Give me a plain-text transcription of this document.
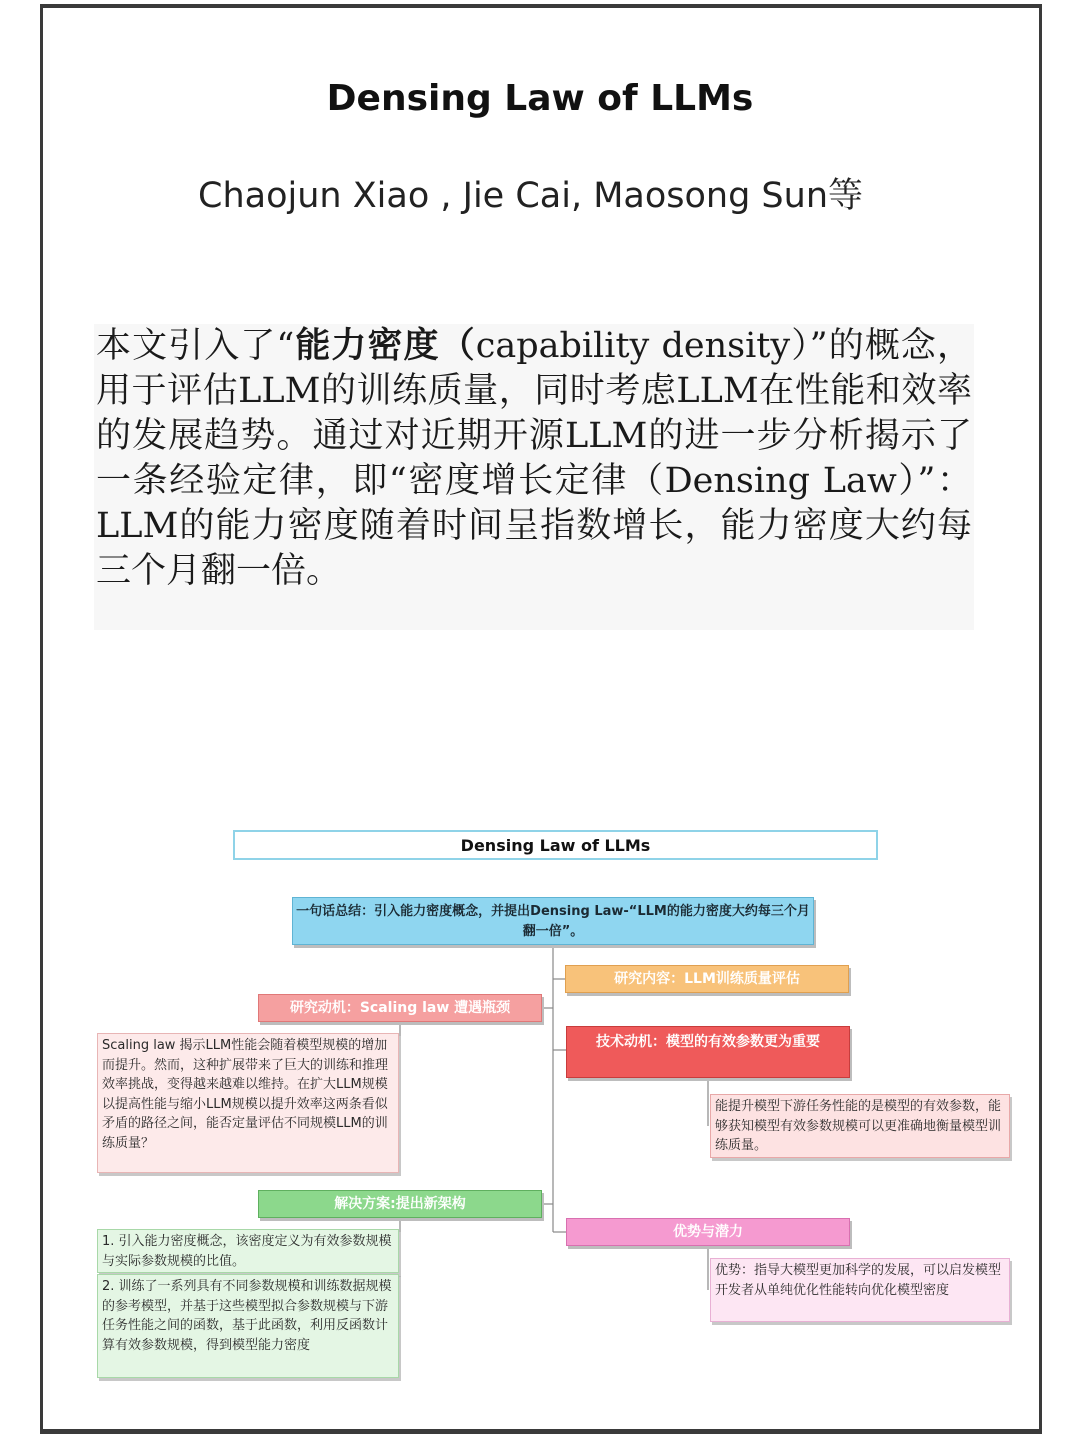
Densing Law of LLMs
Chaojun Xiao , Jie Cai, Maosong Sun等
本文引入了“能力密度（capability density）”的概念，用于评估LLM的训练质量，同时考虑LLM在性能和效率的发展趋势。通过对近期开源LLM的进一步分析揭示了一条经验定律，即“密度增长定律（Densing Law）”：LLM的能力密度随着时间呈指数增长，能力密度大约每三个月翻一倍。
Densing Law of LLMs
一句话总结：引入能力密度概念，并提出Densing Law-“LLM的能力密度大约每三个月翻一倍”。
研究内容：LLM训练质量评估
研究动机：Scaling law 遭遇瓶颈
技术动机：模型的有效参数更为重要
解决方案:提出新架构
优势与潜力
Scaling law 揭示LLM性能会随着模型规模的增加而提升。然而，这种扩展带来了巨大的训练和推理效率挑战，变得越来越难以维持。在扩大LLM规模以提高性能与缩小LLM规模以提升效率这两条看似矛盾的路径之间，能否定量评估不同规模LLM的训练质量？
能提升模型下游任务性能的是模型的有效参数，能够获知模型有效参数规模可以更准确地衡量模型训练质量。
1. 引入能力密度概念，该密度定义为有效参数规模与实际参数规模的比值。
2. 训练了一系列具有不同参数规模和训练数据规模的参考模型，并基于这些模型拟合参数规模与下游任务性能之间的函数，基于此函数，利用反函数计算有效参数规模，得到模型能力密度
优势：指导大模型更加科学的发展，可以启发模型开发者从单纯优化性能转向优化模型密度
